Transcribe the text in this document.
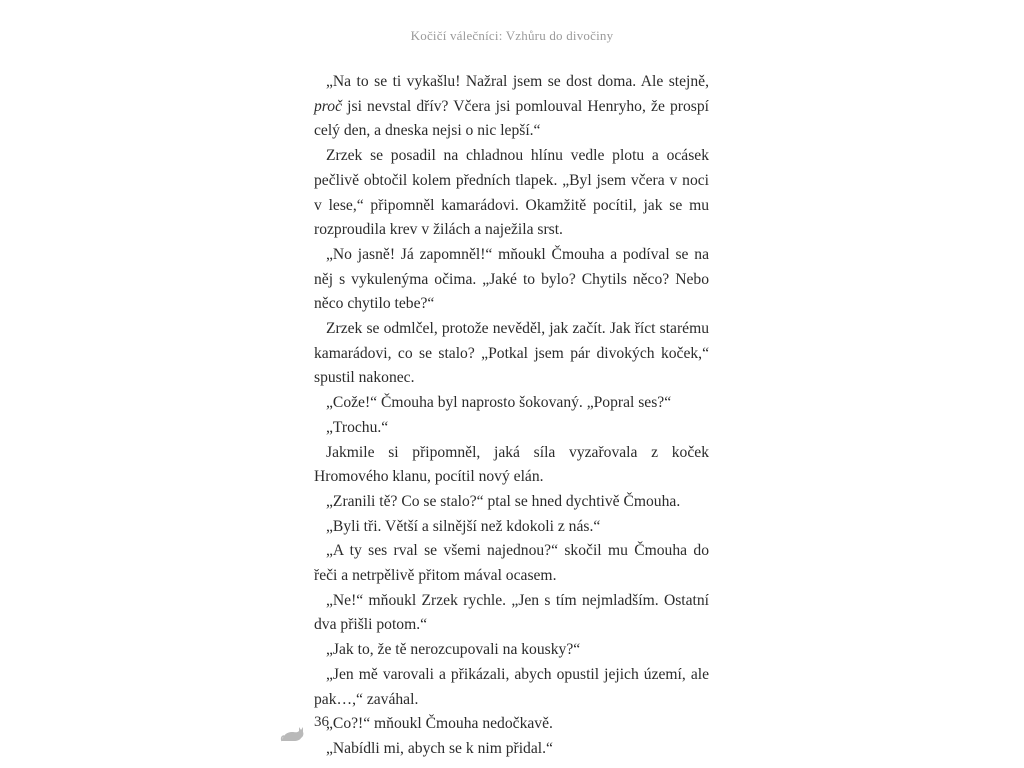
Kočičí válečníci: Vzhůru do divočiny

„Na to se ti vykašlu! Nažral jsem se dost doma. Ale stejně, proč jsi nevstal dřív? Včera jsi pomlouval Henryho, že prospí celý den, a dneska nejsi o nic lepší.“

Zrzek se posadil na chladnou hlínu vedle plotu a ocásek pečlivě obtočil kolem předních tlapek. „Byl jsem včera v noci v lese,“ připomněl kamarádovi. Okamžitě pocítil, jak se mu rozproudila krev v žilách a naježila srst.

„No jasně! Já zapomněl!“ mňoukl Čmouha a podíval se na něj s vykulenýma očima. „Jaké to bylo? Chytils něco? Nebo něco chytilo tebe?“

Zrzek se odmlčel, protože nevěděl, jak začít. Jak říct starému kamarádovi, co se stalo? „Potkal jsem pár divokých koček,“ spustil nakonec.

„Cože!“ Čmouha byl naprosto šokovaný. „Popral ses?“

„Trochu.“

Jakmile si připomněl, jaká síla vyzařovala z koček Hromového klanu, pocítil nový elán.

„Zranili tě? Co se stalo?“ ptal se hned dychtivě Čmouha.

„Byli tři. Větší a silnější než kdokoli z nás.“

„A ty ses rval se všemi najednou?“ skočil mu Čmouha do řeči a netrpělivě přitom mával ocasem.

„Ne!“ mňoukl Zrzek rychle. „Jen s tím nejmladším. Ostatní dva přišli potom.“

„Jak to, že tě nerozcupovali na kousky?“

„Jen mě varovali a přikázali, abych opustil jejich území, ale pak…,“ zaváhal.

„Co?!“ mňoukl Čmouha nedočkavě.

„Nabídli mi, abych se k nim přidal.“

36
